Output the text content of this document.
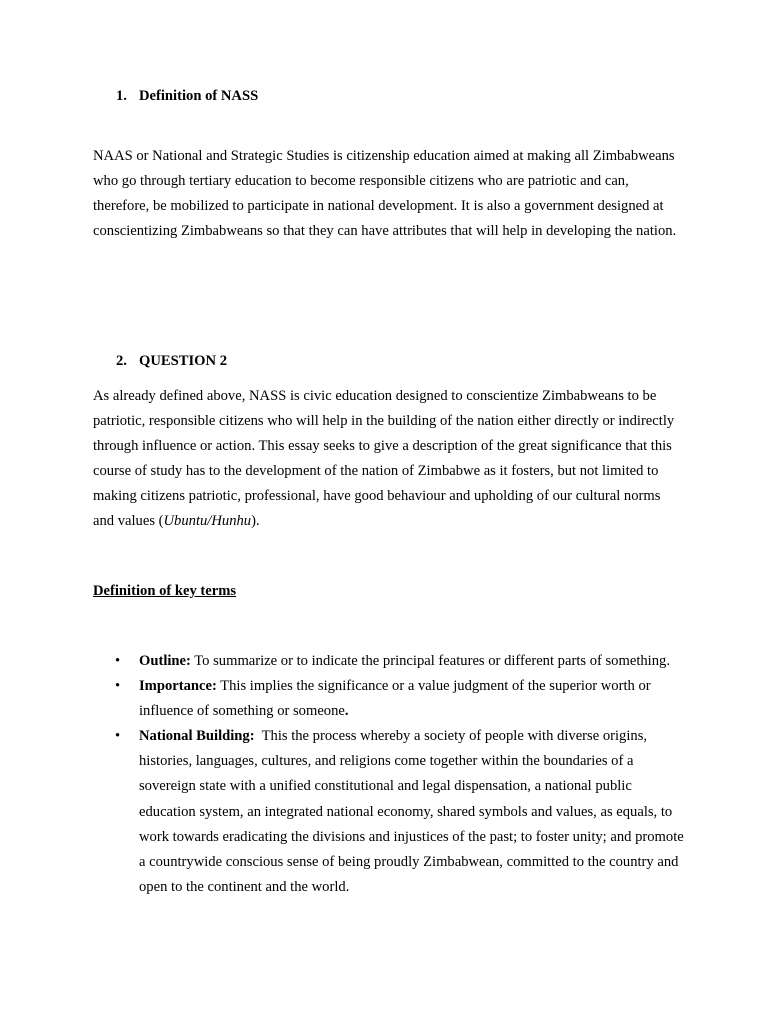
1. Definition of NASS

NAAS or National and Strategic Studies is citizenship education aimed at making all Zimbabweans who go through tertiary education to become responsible citizens who are patriotic and can, therefore, be mobilized to participate in national development. It is also a government designed at conscientizing Zimbabweans so that they can have attributes that will help in developing the nation.

2. QUESTION 2

As already defined above, NASS is civic education designed to conscientize Zimbabweans to be patriotic, responsible citizens who will help in the building of the nation either directly or indirectly through influence or action. This essay seeks to give a description of the great significance that this course of study has to the development of the nation of Zimbabwe as it fosters, but not limited to making citizens patriotic, professional, have good behaviour and upholding of our cultural norms and values (Ubuntu/Hunhu).

Definition of key terms
• Outline: To summarize or to indicate the principal features or different parts of something.
• Importance: This implies the significance or a value judgment of the superior worth or influence of something or someone.
• National Building:  This the process whereby a society of people with diverse origins, histories, languages, cultures, and religions come together within the boundaries of a sovereign state with a unified constitutional and legal dispensation, a national public education system, an integrated national economy, shared symbols and values, as equals, to work towards eradicating the divisions and injustices of the past; to foster unity; and promote a countrywide conscious sense of being proudly Zimbabwean, committed to the country and open to the continent and the world.
